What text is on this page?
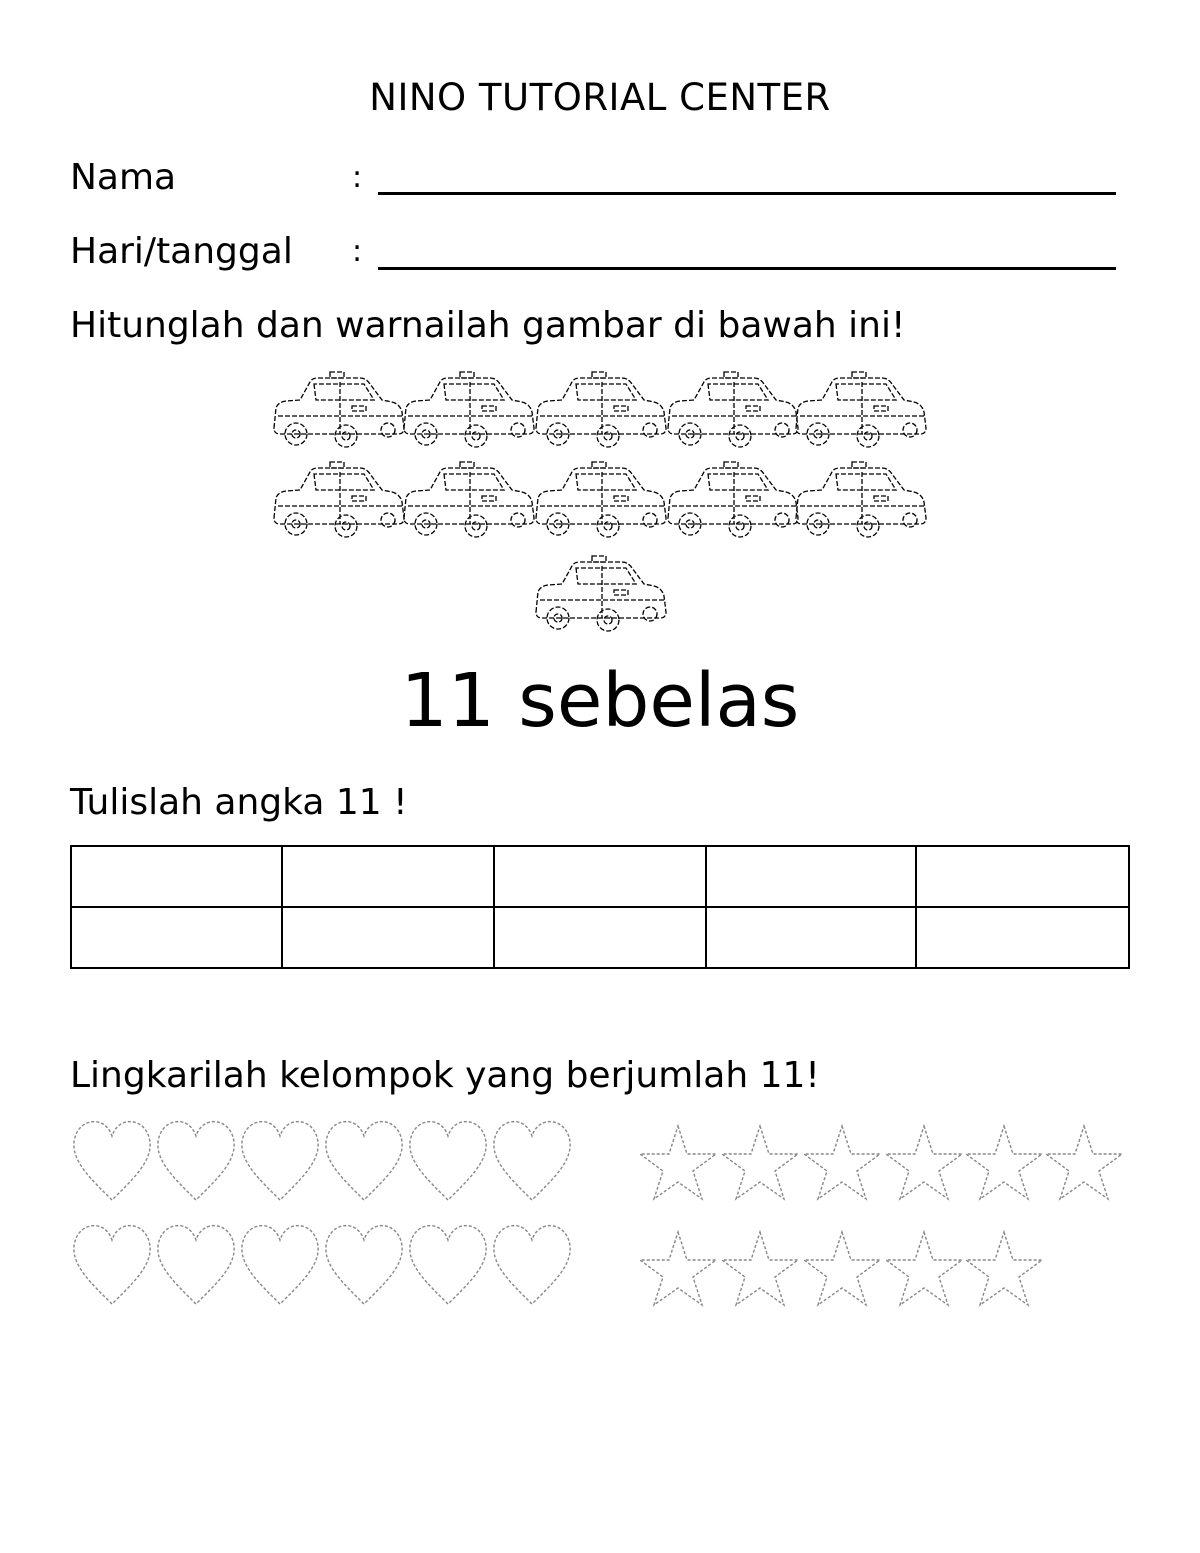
NINO TUTORIAL CENTER
Nama	:
Hari/tanggal :
Hitunglah dan warnailah gambar di bawah ini!
11 sebelas
Tulislah angka 11 !
Lingkarilah kelompok yang berjumlah 11!
